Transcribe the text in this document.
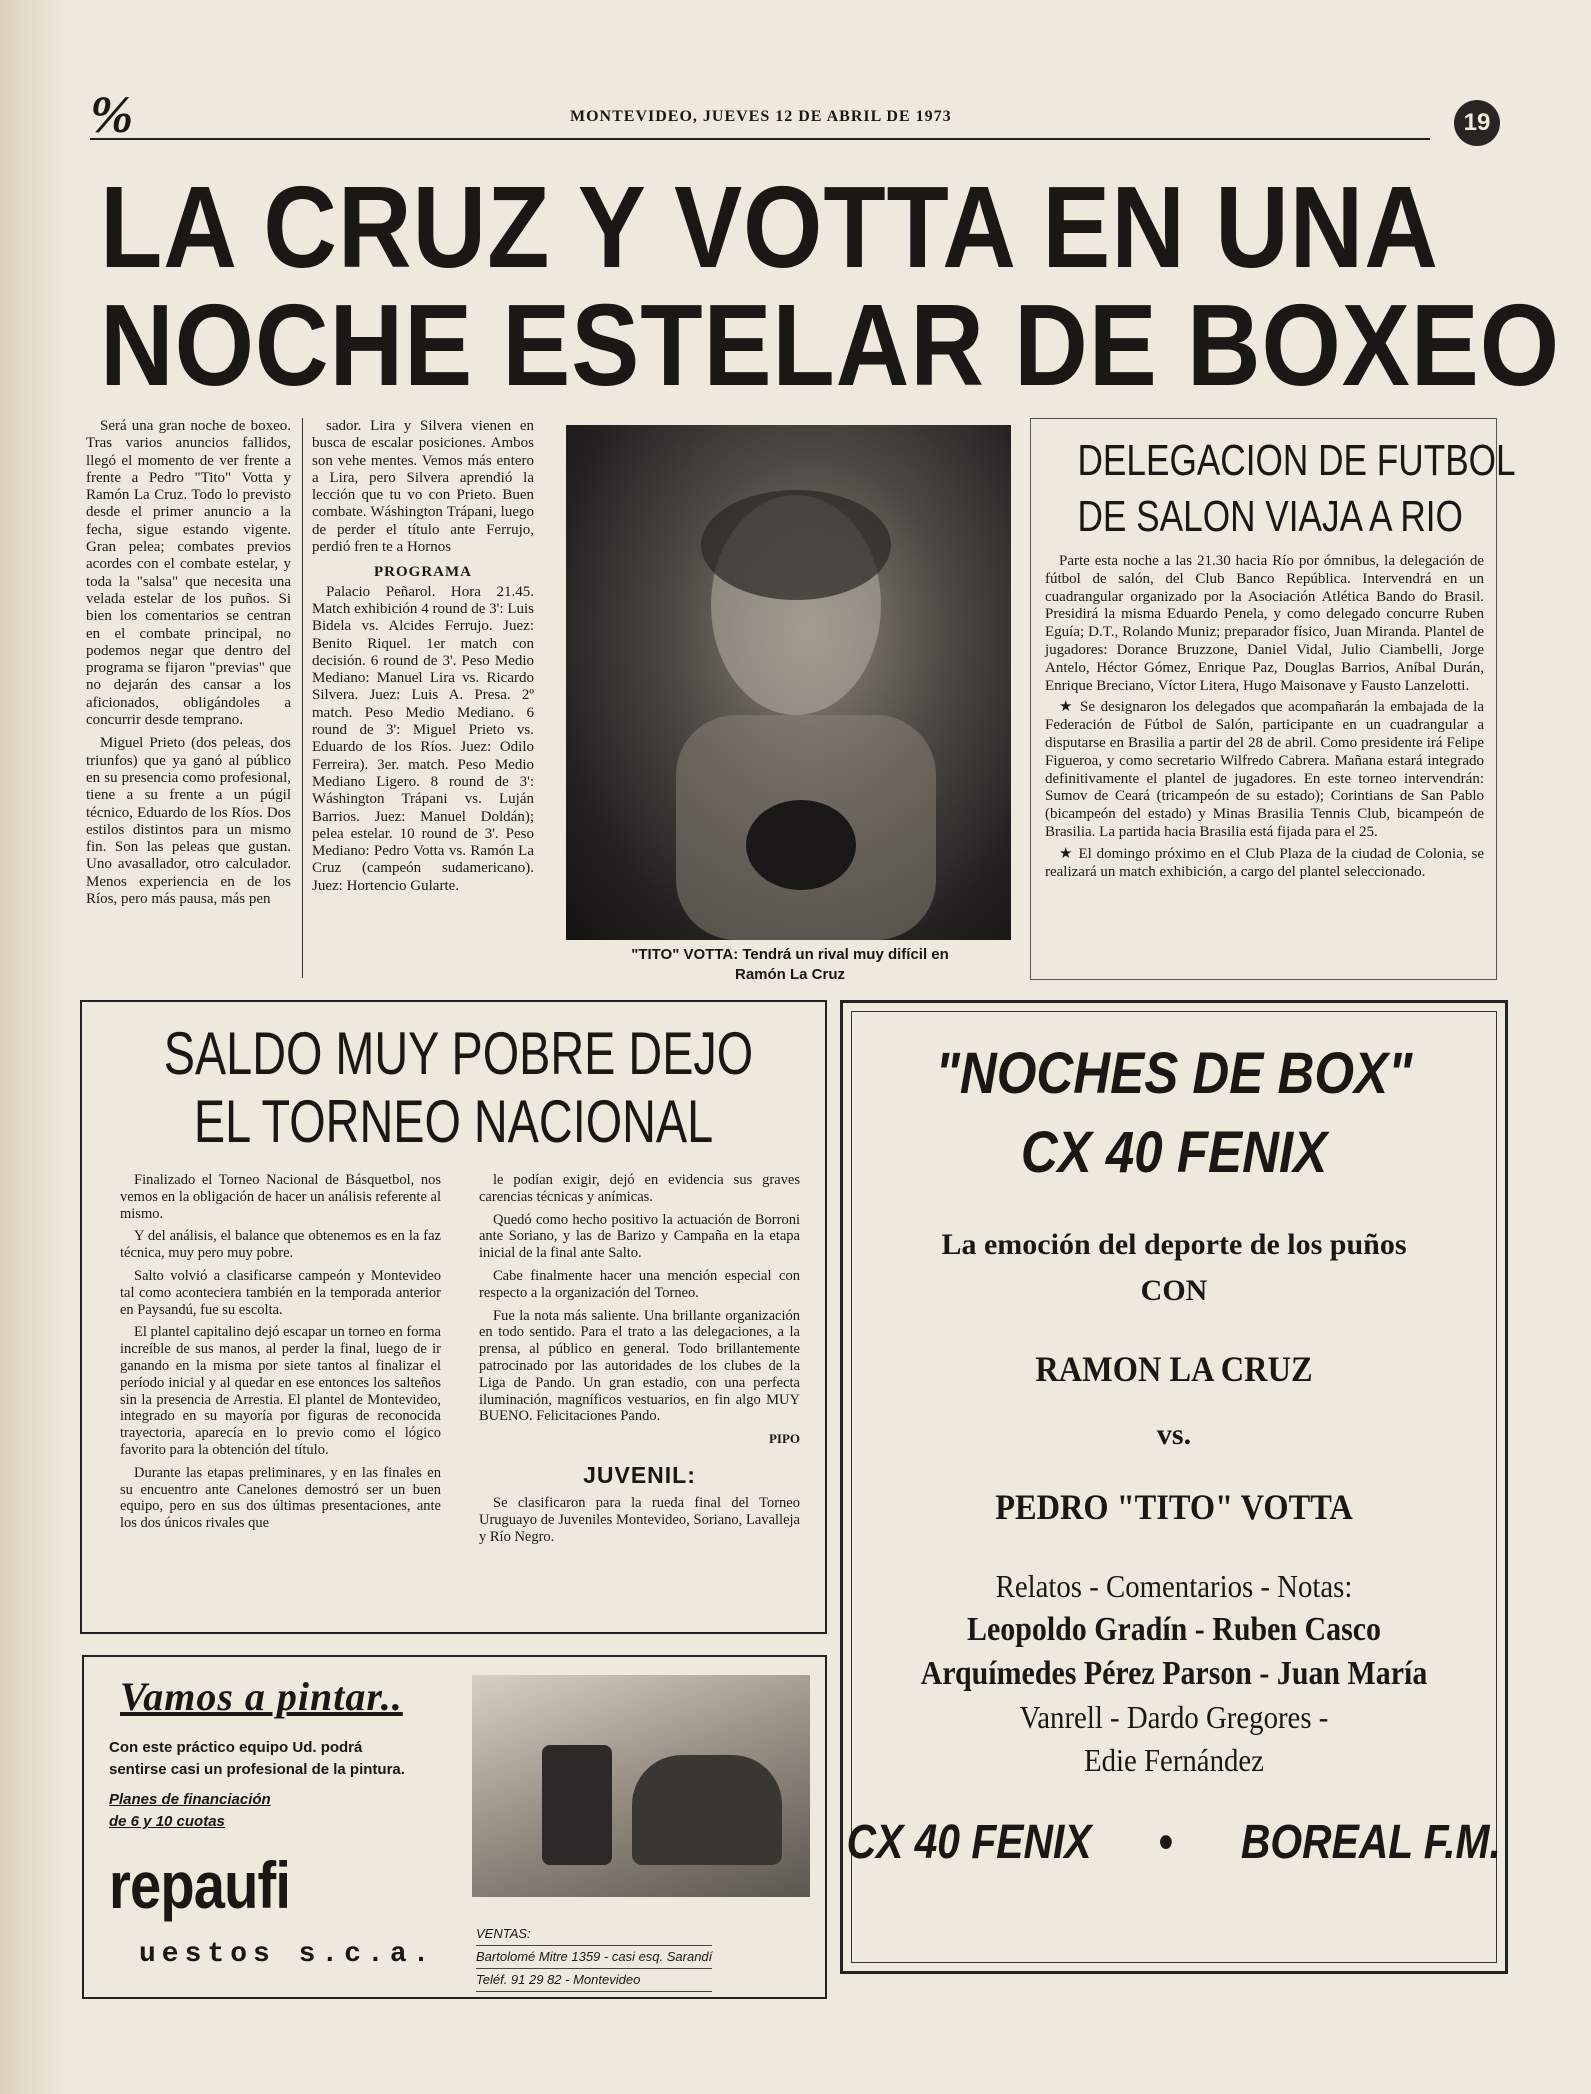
%	MONTEVIDEO, JUEVES 12 DE ABRIL DE 1973	19
LA CRUZ Y VOTTA EN UNA
NOCHE ESTELAR DE BOXEO

Será una gran noche de boxeo. Tras varios anuncios fallidos, llegó el momento de ver frente a frente a Pedro "Tito" Votta y Ramón La Cruz. Todo lo previsto desde el primer anuncio a la fecha, sigue estando vigente. Gran pelea; combates previos acordes con el combate estelar, y toda la "salsa" que necesita una velada estelar de los puños. Si bien los comentarios se centran en el combate principal, no podemos negar que dentro del programa se fijaron "previas" que no dejarán des cansar a los aficionados, obligándoles a concurrir desde temprano.

Miguel Prieto (dos peleas, dos triunfos) que ya ganó al público en su presencia como profesional, tiene a su frente a un púgil técnico, Eduardo de los Ríos. Dos estilos distintos para un mismo fin. Son las peleas que gustan. Uno avasallador, otro calculador. Menos experiencia en de los Ríos, pero más pausa, más pen

sador. Lira y Silvera vienen en busca de escalar posiciones. Ambos son vehe mentes. Vemos más entero a Lira, pero Silvera aprendió la lección que tu vo con Prieto. Buen combate. Wáshington Trápani, luego de perder el título ante Ferrujo, perdió fren te a Hornos

PROGRAMA

Palacio Peñarol. Hora 21.45. Match exhibición 4 round de 3': Luis Bidela vs. Alcides Ferrujo. Juez: Benito Riquel. 1er match con decisión. 6 round de 3'. Peso Medio Mediano: Manuel Lira vs. Ricardo Silvera. Juez: Luis A. Presa. 2º match. Peso Medio Mediano. 6 round de 3': Miguel Prieto vs. Eduardo de los Ríos. Juez: Odilo Ferreira). 3er. match. Peso Medio Mediano Ligero. 8 round de 3': Wáshington Trápani vs. Luján Barrios. Juez: Manuel Doldán); pelea estelar. 10 round de 3'. Peso Mediano: Pedro Votta vs. Ramón La Cruz (campeón sudamericano). Juez: Hortencio Gularte.

"TITO" VOTTA: Tendrá un rival muy difícil en
Ramón La Cruz
DELEGACION DE FUTBOL
DE SALON VIAJA A RIO

Parte esta noche a las 21.30 hacia Río por ómnibus, la delegación de fútbol de salón, del Club Banco República. Intervendrá en un cuadrangular organizado por la Asociación Atlética Bando do Brasil. Presidirá la misma Eduardo Penela, y como delegado concurre Ruben Eguía; D.T., Rolando Muniz; preparador físico, Juan Miranda. Plantel de jugadores: Dorance Bruzzone, Daniel Vidal, Julio Ciambelli, Jorge Antelo, Héctor Gómez, Enrique Paz, Douglas Barrios, Aníbal Durán, Enrique Breciano, Víctor Litera, Hugo Maisonave y Fausto Lanzelotti.

★ Se designaron los delegados que acompañarán la embajada de la Federación de Fútbol de Salón, participante en un cuadrangular a disputarse en Brasilia a partir del 28 de abril. Como presidente irá Felipe Figueroa, y como secretario Wilfredo Cabrera. Mañana estará integrado definitivamente el plantel de jugadores. En este torneo intervendrán: Sumov de Ceará (tricampeón de su estado); Corintians de San Pablo (bicampeón del estado) y Minas Brasilia Tennis Club, bicampeón de Brasilia. La partida hacia Brasilia está fijada para el 25.

★ El domingo próximo en el Club Plaza de la ciudad de Colonia, se realizará un match exhibición, a cargo del plantel seleccionado.

SALDO MUY POBRE DEJO
EL TORNEO NACIONAL

Finalizado el Torneo Nacional de Básquetbol, nos vemos en la obligación de hacer un análisis referente al mismo.

Y del análisis, el balance que obtenemos es en la faz técnica, muy pero muy pobre.

Salto volvió a clasificarse campeón y Montevideo tal como aconteciera también en la temporada anterior en Paysandú, fue su escolta.

El plantel capitalino dejó escapar un torneo en forma increíble de sus manos, al perder la final, luego de ir ganando en la misma por siete tantos al finalizar el período inicial y al quedar en ese entonces los salteños sin la presencia de Arrestia. El plantel de Montevideo, integrado en su mayoría por figuras de reconocida trayectoria, aparecía en lo previo como el lógico favorito para la obtención del título.

Durante las etapas preliminares, y en las finales en su encuentro ante Canelones demostró ser un buen equipo, pero en sus dos últimas presentaciones, ante los dos únicos rivales que

le podían exigir, dejó en evidencia sus graves carencias técnicas y anímicas.

Quedó como hecho positivo la actuación de Borroni ante Soriano, y las de Barizo y Campaña en la etapa inicial de la final ante Salto.

Cabe finalmente hacer una mención especial con respecto a la organización del Torneo.

Fue la nota más saliente. Una brillante organización en todo sentido. Para el trato a las delegaciones, a la prensa, al público en general. Todo brillantemente patrocinado por las autoridades de los clubes de la Liga de Pando. Un gran estadio, con una perfecta iluminación, magníficos vestuarios, en fin algo MUY BUENO. Felicitaciones Pando.

PIPO

JUVENIL:

Se clasificaron para la rueda final del Torneo Uruguayo de Juveniles Montevideo, Soriano, Lavalleja y Río Negro.

Vamos a pintar..
Con este práctico equipo Ud. podrá
sentirse casi un profesional de la pintura.
Planes de financiación
de 6 y 10 cuotas
repaufi
uestos s.c.a.
VENTAS:
Bartolomé Mitre 1359 - casi esq. Sarandí
Teléf. 91 29 82 - Montevideo
"NOCHES DE BOX"
CX 40 FENIX
La emoción del deporte de los puños
CON
RAMON LA CRUZ
vs.
PEDRO "TITO" VOTTA
Relatos - Comentarios - Notas:
Leopoldo Gradín - Ruben Casco
Arquímedes Pérez Parson - Juan María
Vanrell - Dardo Gregores -
Edie Fernández
CX 40 FENIX • BOREAL F.M.
